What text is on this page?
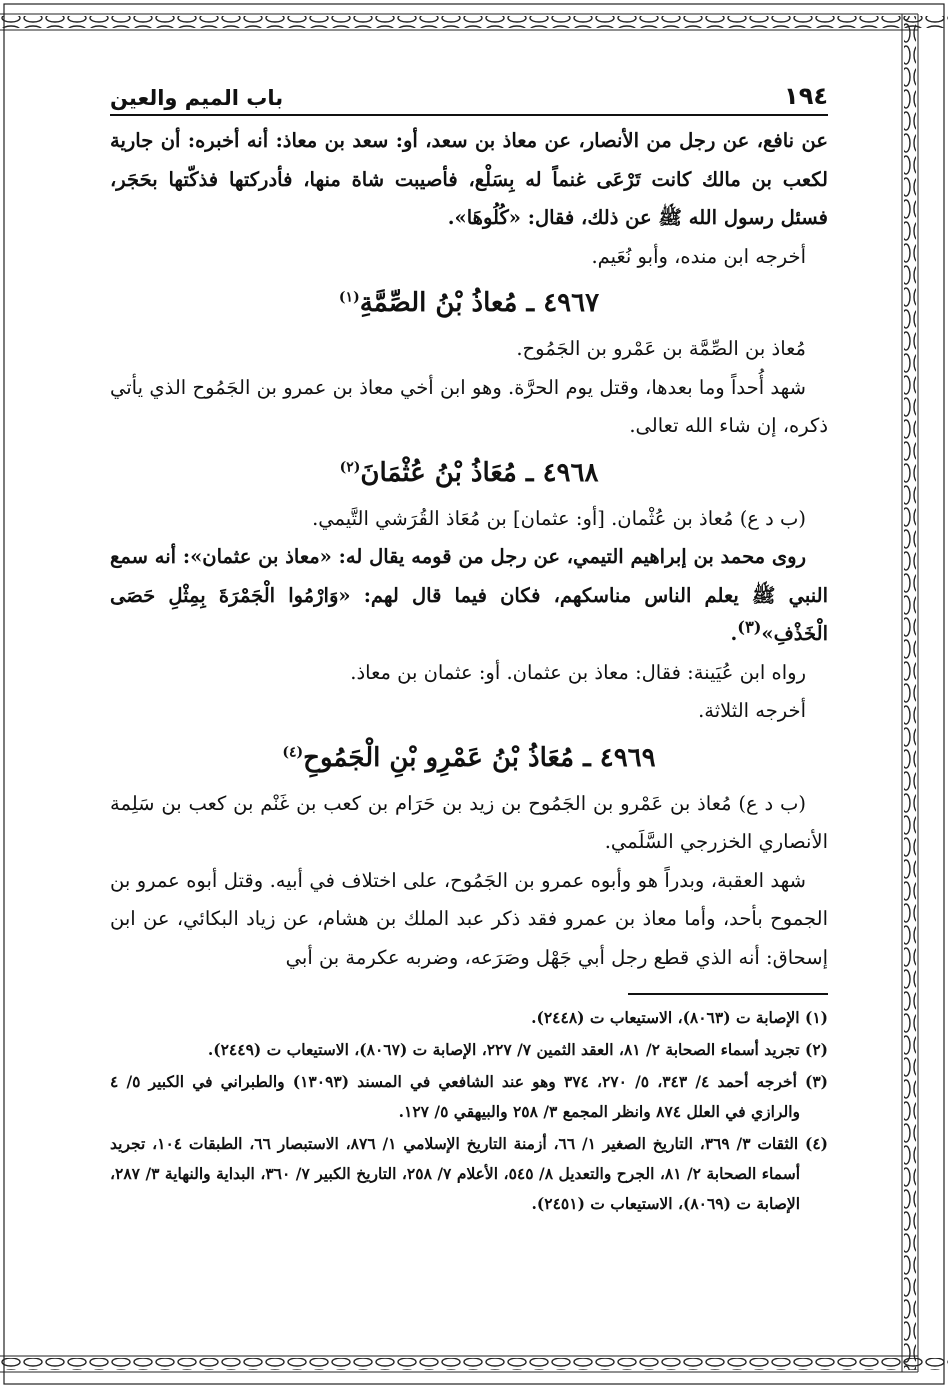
١٩٤
باب الميم والعين

عن نافع، عن رجل من الأنصار، عن معاذ بن سعد، أو: سعد بن معاذ: أنه أخبره: أن جارية لكعب بن مالك كانت تَرْعَى غنماً له بِسَلْع، فأصيبت شاة منها، فأدركتها فذكّتها بحَجَر، فسئل رسول الله ﷺ عن ذلك، فقال: «كُلُوهَا».

أخرجه ابن منده، وأبو نُعَيم.

٤٩٦٧ ـ مُعاذُ بْنُ الصِّمَّةِ$^{(١)}$

مُعاذ بن الصِّمَّة بن عَمْرو بن الجَمُوح.

شهد أُحداً وما بعدها، وقتل يوم الحرَّة. وهو ابن أخي معاذ بن عمرو بن الجَمُوح الذي يأتي ذكره، إن شاء الله تعالى.

٤٩٦٨ ـ مُعَاذُ بْنُ عُثْمَانَ$^{(٢)}$

(ب د ع) مُعاذ بن عُثْمان. [أو: عثمان] بن مُعَاذ القُرَشي التَّيمي.

روى محمد بن إبراهيم التيمي، عن رجل من قومه يقال له: «معاذ بن عثمان»: أنه سمع النبي ﷺ يعلم الناس مناسكهم، فكان فيما قال لهم: «وَارْمُوا الْجَمْرَةَ بِمِثْلِ حَصَى الْخَذْفِ»$^{(٣)}$.

رواه ابن عُيَينة: فقال: معاذ بن عثمان. أو: عثمان بن معاذ.

أخرجه الثلاثة.

٤٩٦٩ ـ مُعَاذُ بْنُ عَمْرِو بْنِ الْجَمُوحِ$^{(٤)}$

(ب د ع) مُعاذ بن عَمْرو بن الجَمُوح بن زيد بن حَرَام بن كعب بن غَنْم بن كعب بن سَلِمة الأنصاري الخزرجي السَّلَمي.

شهد العقبة، وبدراً هو وأبوه عمرو بن الجَمُوح، على اختلاف في أبيه. وقتل أبوه عمرو بن الجموح بأحد، وأما معاذ بن عمرو فقد ذكر عبد الملك بن هشام، عن زياد البكائي، عن ابن إسحاق: أنه الذي قطع رجل أبي جَهْل وصَرَعه، وضربه عكرمة بن أبي

(١) الإصابة ت (٨٠٦٣)، الاستيعاب ت (٢٤٤٨).

(٢) تجريد أسماء الصحابة ٢/ ٨١، العقد الثمين ٧/ ٢٢٧، الإصابة ت (٨٠٦٧)، الاستيعاب ت (٢٤٤٩).

(٣) أخرجه أحمد ٤/ ٣٤٣، ٥/ ٢٧٠، ٣٧٤ وهو عند الشافعي في المسند (١٣٠٩٣) والطبراني في الكبير ٥/ ٤ والرازي في العلل ٨٧٤ وانظر المجمع ٣/ ٢٥٨ والبيهقي ٥/ ١٢٧.

(٤) الثقات ٣/ ٣٦٩، التاريخ الصغير ١/ ٦٦، أزمنة التاريخ الإسلامي ١/ ٨٧٦، الاستبصار ٦٦، الطبقات ١٠٤، تجريد أسماء الصحابة ٢/ ٨١، الجرح والتعديل ٨/ ٥٤٥، الأعلام ٧/ ٢٥٨، التاريخ الكبير ٧/ ٣٦٠، البداية والنهاية ٣/ ٢٨٧، الإصابة ت (٨٠٦٩)، الاستيعاب ت (٢٤٥١).
